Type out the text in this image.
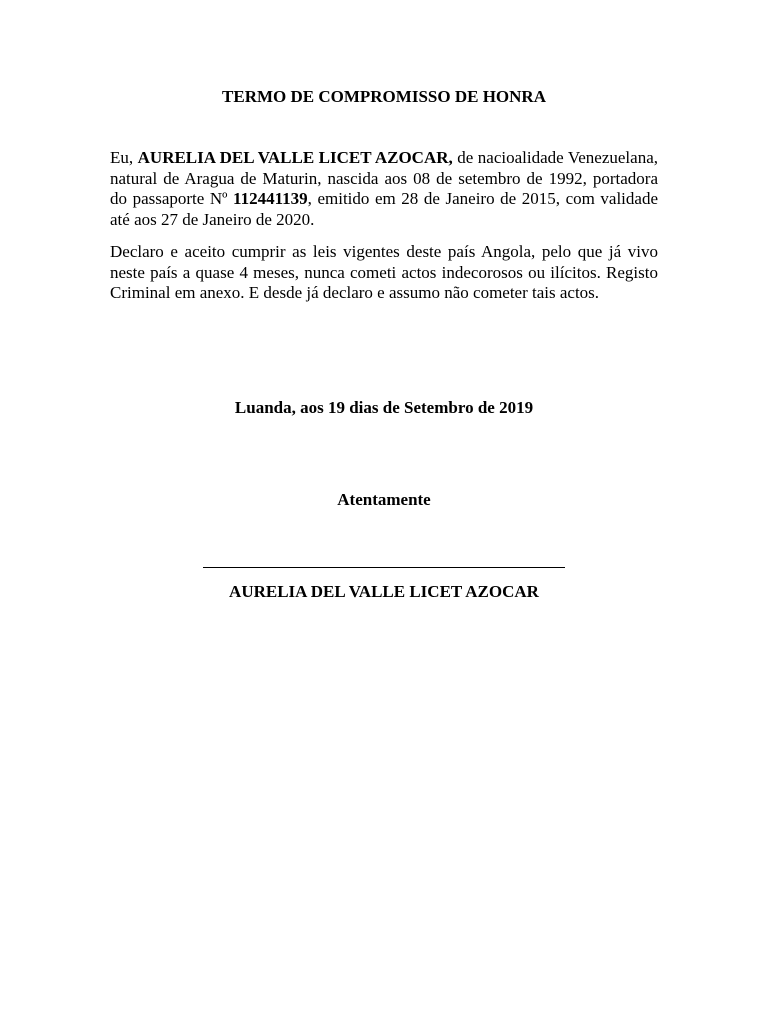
TERMO DE COMPROMISSO DE HONRA

Eu, AURELIA DEL VALLE LICET AZOCAR, de nacioalidade Venezuelana, natural de Aragua de Maturin, nascida aos 08 de setembro de 1992, portadora do passaporte Nº 112441139, emitido em 28 de Janeiro de 2015, com validade até aos 27 de Janeiro de 2020.

Declaro e aceito cumprir as leis vigentes deste país Angola, pelo que já vivo neste país a quase 4 meses, nunca cometi actos indecorosos ou ilícitos. Registo Criminal em anexo. E desde já declaro e assumo não cometer tais actos.

Luanda, aos 19 dias de Setembro de 2019
Atentamente
AURELIA DEL VALLE LICET AZOCAR
